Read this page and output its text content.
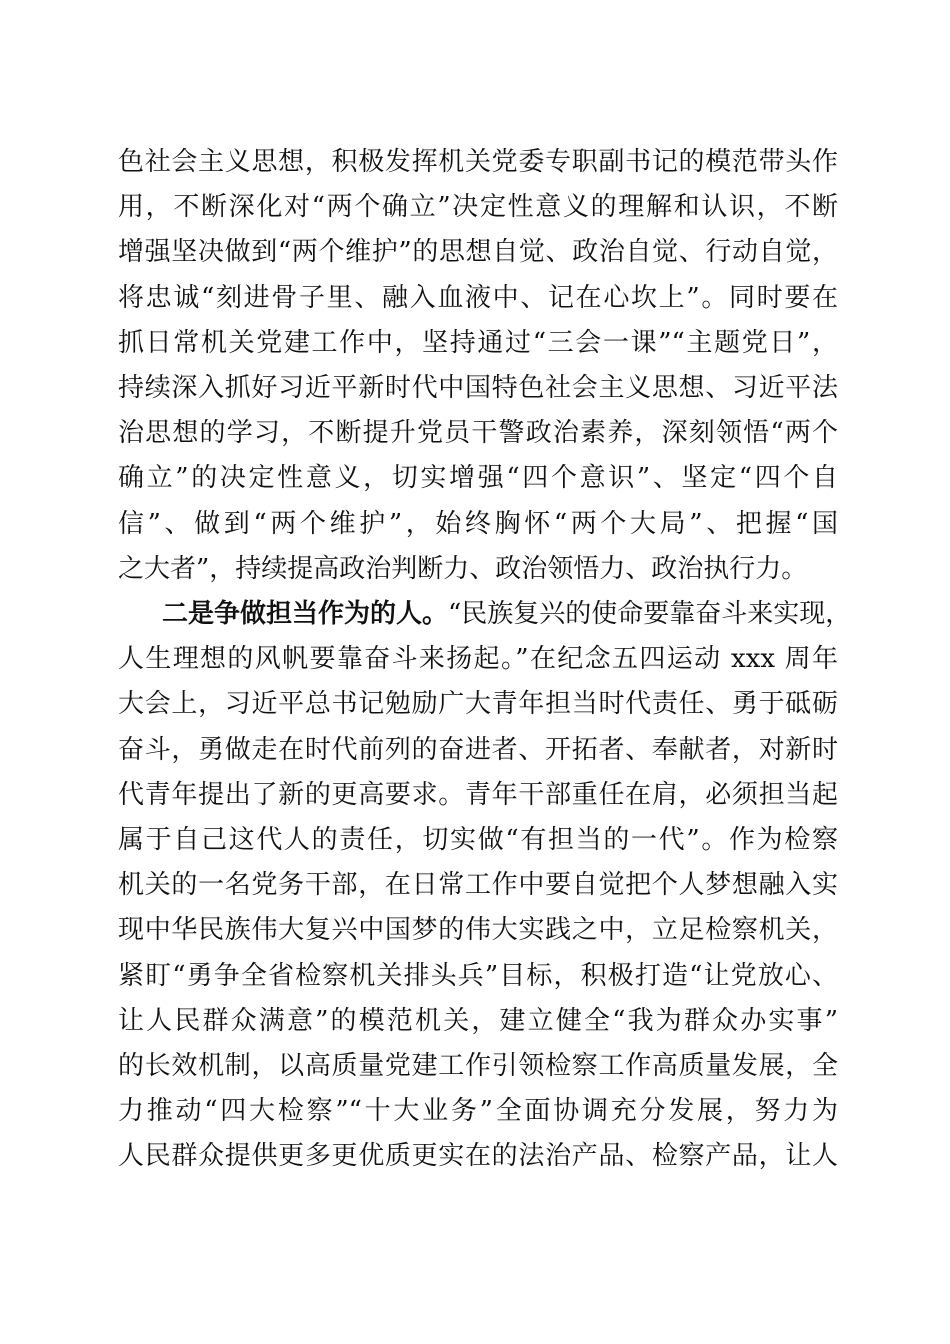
色社会主义思想，积极发挥机关党委专职副书记的模范带头作
用，不断深化对“两个确立”决定性意义的理解和认识，不断
增强坚决做到“两个维护”的思想自觉、政治自觉、行动自觉，
将忠诚“刻进骨子里、融入血液中、记在心坎上”。同时要在
抓日常机关党建工作中，坚持通过“三会一课”“主题党日”，
持续深入抓好习近平新时代中国特色社会主义思想、习近平法
治思想的学习，不断提升党员干警政治素养，深刻领悟“两个
确立”的决定性意义，切实增强“四个意识”、坚定“四个自
信”、做到“两个维护”，始终胸怀“两个大局”、把握“国
之大者”，持续提高政治判断力、政治领悟力、政治执行力。
二是争做担当作为的人。“民族复兴的使命要靠奋斗来实现，
人生理想的风帆要靠奋斗来扬起。”在纪念五四运动 xxx 周年
大会上，习近平总书记勉励广大青年担当时代责任、勇于砥砺
奋斗，勇做走在时代前列的奋进者、开拓者、奉献者，对新时
代青年提出了新的更高要求。青年干部重任在肩，必须担当起
属于自己这代人的责任，切实做“有担当的一代”。作为检察
机关的一名党务干部，在日常工作中要自觉把个人梦想融入实
现中华民族伟大复兴中国梦的伟大实践之中，立足检察机关，
紧盯“勇争全省检察机关排头兵”目标，积极打造“让党放心、
让人民群众满意”的模范机关，建立健全“我为群众办实事”
的长效机制，以高质量党建工作引领检察工作高质量发展，全
力推动“四大检察”“十大业务”全面协调充分发展，努力为
人民群众提供更多更优质更实在的法治产品、检察产品，让人
